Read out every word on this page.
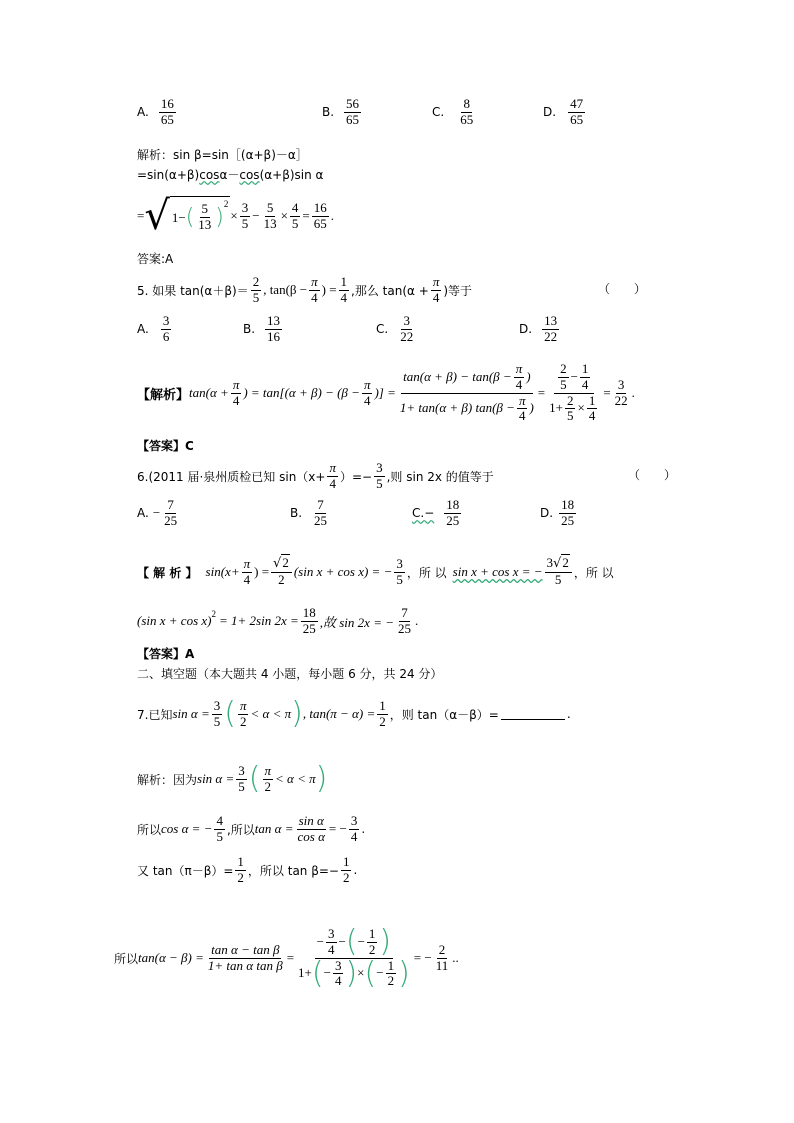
A.
16
65	B.
56
65	C.
8
65	D.
47
65
解析：sin β=sin［(α+β)－α］
=sin(α+β) cos α－ cos (α+β)sin α
= √ 1− ( 5
13 )
$^2$
× $\frac{3}{5} - \frac{5}{13} \times \frac{4}{5} = \frac{16}{65}$ .
答案:A
5. 如果 tan(α＋β)＝
2
5 , $\tan(\beta - \frac{\pi}{4}$ ) = $\frac{1}{4}$ ,那么 $\tan(\alpha + \frac{\pi}{4}$ )等于	（　　）
A.
3
6	B.
13
16	C.
3
22	D.
13
22
【解析】 $\tan(\alpha + \frac{\pi}{4}$ ) = $\tan[(\alpha + \beta) - (\beta - \frac{\pi}{4}$ )] = $\frac{\tan(\alpha + \beta) - \tan(\beta - \frac{\pi}{4} )}{1+ \tan(\alpha + \beta) \tan(\beta - \frac{\pi}{4} )} = 2$
5
− $\frac{1}{4}$
$1+ \frac{2}{5} \times \frac{1}{4} = \frac{3}{22}$ .
【答案】C
6.(2011 届·泉州质检已知 $\sin(x+ \frac{\pi}{4}$ ）=− $\frac{3}{5}$ ,则 sin 2x 的值等于	（　　）
A. − $\frac{7}{25}$	B.
7
25	$C.- \frac{18}{25}$	D.
18
25
【 解 析 】 $\sin(x+ \frac{\pi}{4}$ ) = $\frac{√2}{2} (\sin$ x + cos x) = − $\frac{3}{5}$ ，所 以 sin x + cos x = − $\frac{3√2}{5}$ ，所 以
(sin x + cos x)$^2$ = 1+ 2sin $2x = \frac{18}{25}$ ,故 sin 2x = − $\frac{7}{25}$ .
【答案】A
二、填空题（本大题共 4 小题，每小题 6 分，共 24 分）
7.已知 $\sin \alpha = \frac{3}{5}$ ( π
2 < α < π ) , $\tan(\pi - \alpha) = \frac{1}{2}$ ，则 tan（α－β）=	.
解析：因为 $\sin \alpha = \frac{3}{5}$ ( π
2 < α < π )
所以 cos α = − $\frac{4}{5}$ ,所以 $\tan \alpha = \frac{\text{sin α}}{\text{cos α}}$ = − $\frac{3}{4}$ .
又 $\tan(\pi-\beta)= \frac{1}{2}$ ，所以 $\tan \beta=- \frac{1}{2}$ .
所以 $\tan(\alpha - \beta) = \frac{\text{tan α − tan β}}{\text{1+ tan α tan β}}$ =
− $\frac{3}{4}$ − ( − $\frac{1}{2}$ )
1+ ( − $\frac{3}{4}$ ) × ( − $\frac{1}{2}$ ) = − $\frac{2}{11}$ ..
